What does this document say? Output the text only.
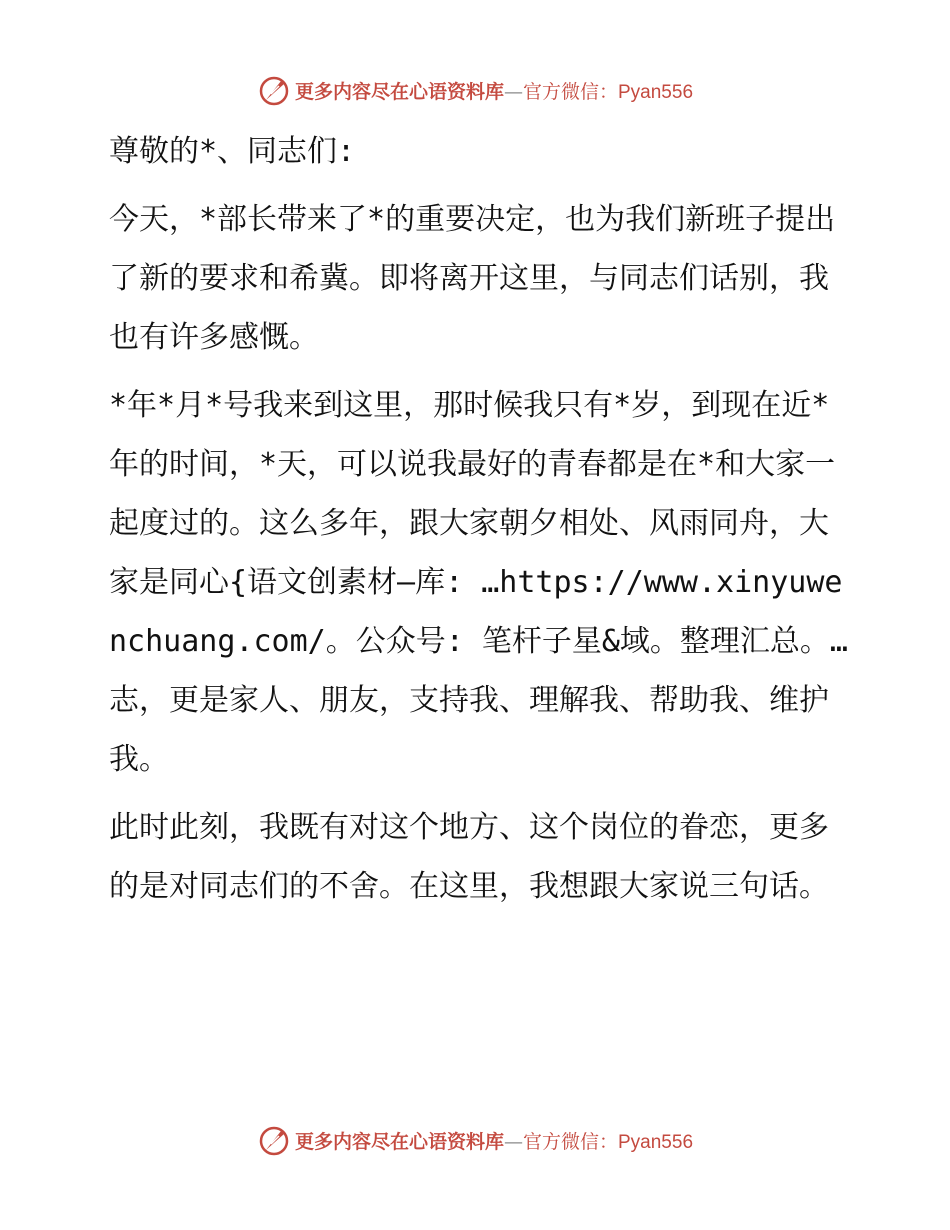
更多内容尽在心语资料库—官方微信：Pyan556

尊敬的*、同志们:

今天，*部长带来了*的重要决定，也为我们新班子提出了新的要求和希冀。即将离开这里，与同志们话别，我也有许多感慨。

*年*月*号我来到这里，那时候我只有*岁，到现在近*年的时间，*天，可以说我最好的青春都是在*和大家一起度过的。这么多年，跟大家朝夕相处、风雨同舟，大家是同心{语文创素材—库: …https://www.xinyuwenchuang.com/。公众号: 笔杆子星&域。整理汇总。…志，更是家人、朋友，支持我、理解我、帮助我、维护我。

此时此刻，我既有对这个地方、这个岗位的眷恋，更多的是对同志们的不舍。在这里，我想跟大家说三句话。

更多内容尽在心语资料库—官方微信：Pyan556
